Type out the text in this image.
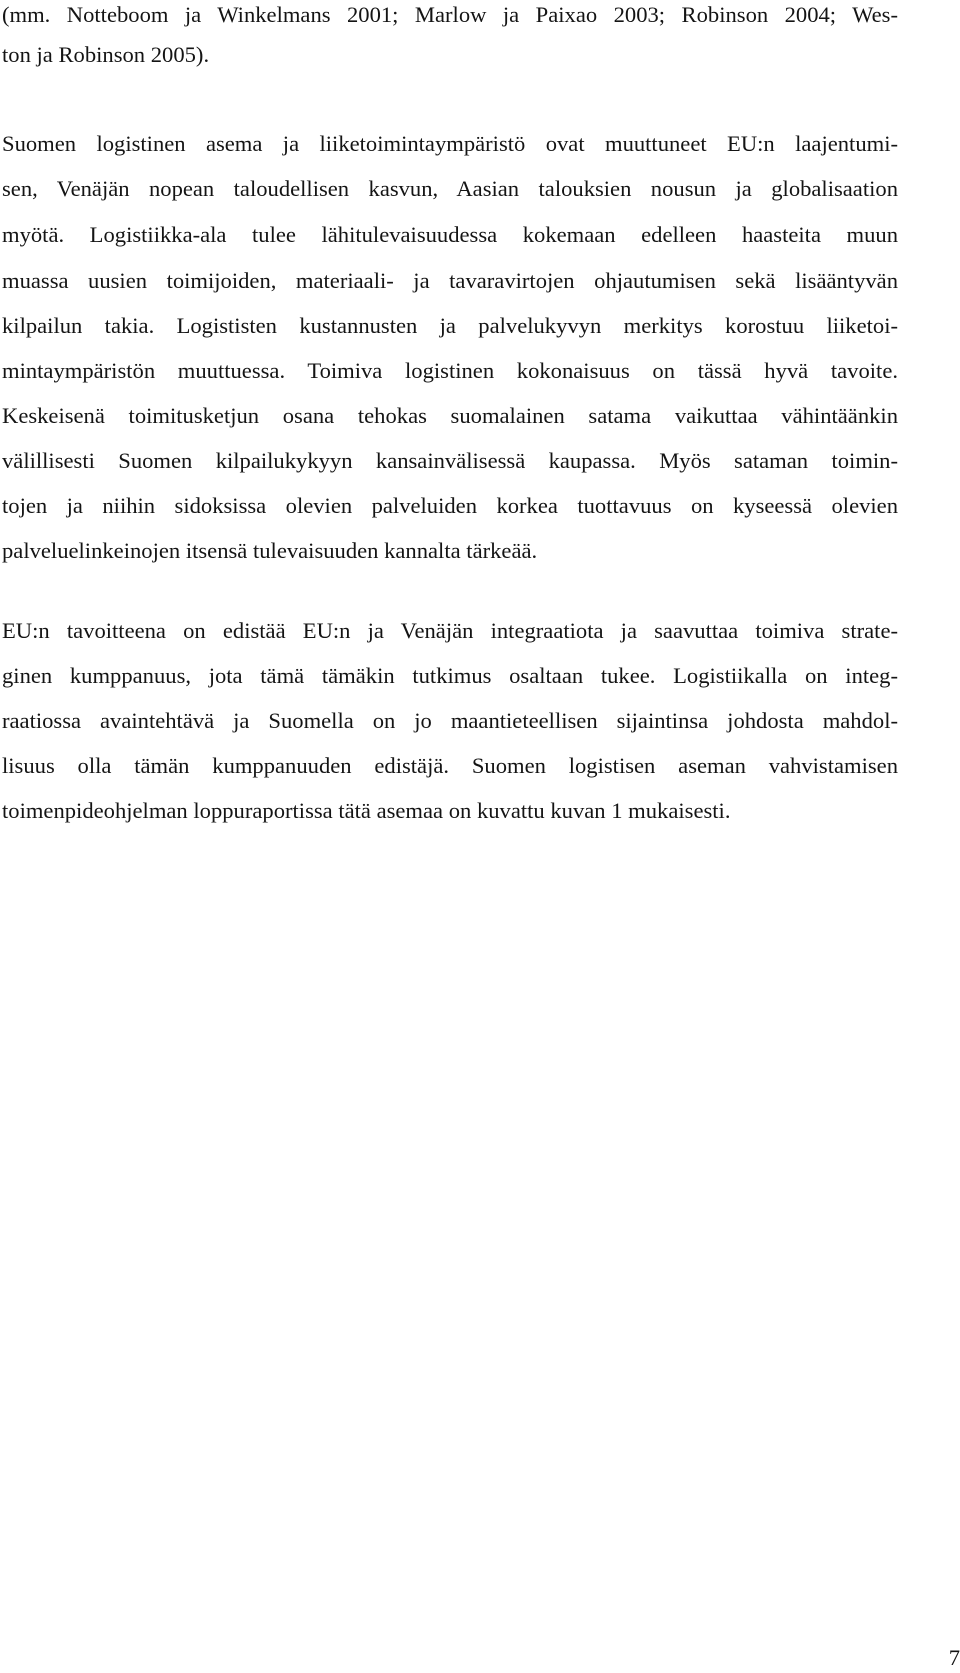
(mm. Notteboom ja Winkelmans 2001; Marlow ja Paixao 2003; Robinson 2004; Wes-
ton ja Robinson 2005).
Suomen logistinen asema ja liiketoimintaympäristö ovat muuttuneet EU:n laajentumi-
sen, Venäjän nopean taloudellisen kasvun, Aasian talouksien nousun ja globalisaation
myötä. Logistiikka-ala tulee lähitulevaisuudessa kokemaan edelleen haasteita muun
muassa uusien toimijoiden, materiaali- ja tavaravirtojen ohjautumisen sekä lisääntyvän
kilpailun takia. Logististen kustannusten ja palvelukyvyn merkitys korostuu liiketoi-
mintaympäristön muuttuessa. Toimiva logistinen kokonaisuus on tässä hyvä tavoite.
Keskeisenä toimitusketjun osana tehokas suomalainen satama vaikuttaa vähintäänkin
välillisesti Suomen kilpailukykyyn kansainvälisessä kaupassa. Myös sataman toimin-
tojen ja niihin sidoksissa olevien palveluiden korkea tuottavuus on kyseessä olevien
palveluelinkeinojen itsensä tulevaisuuden kannalta tärkeää.
EU:n tavoitteena on edistää EU:n ja Venäjän integraatiota ja saavuttaa toimiva strate-
ginen kumppanuus, jota tämä tämäkin tutkimus osaltaan tukee. Logistiikalla on integ-
raatiossa avaintehtävä ja Suomella on jo maantieteellisen sijaintinsa johdosta mahdol-
lisuus olla tämän kumppanuuden edistäjä. Suomen logistisen aseman vahvistamisen
toimenpideohjelman loppuraportissa tätä asemaa on kuvattu kuvan 1 mukaisesti.
7
